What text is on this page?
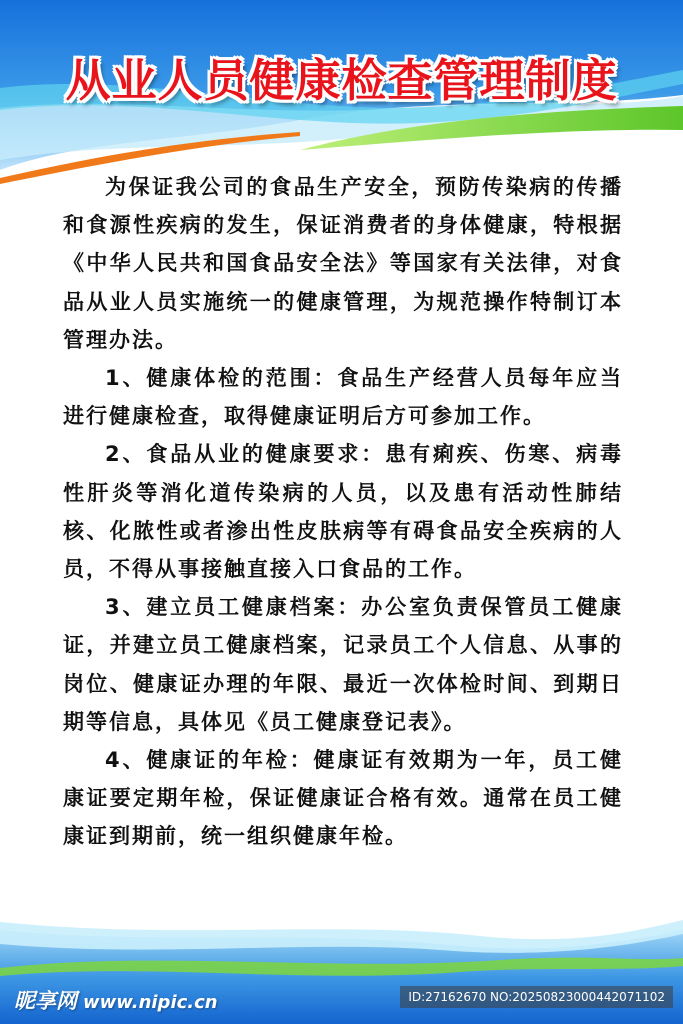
从业人员健康检查管理制度

为保证我公司的食品生产安全，预防传染病的传播和食源性疾病的发生，保证消费者的身体健康，特根据《中华人民共和国食品安全法》等国家有关法律，对食品从业人员实施统一的健康管理，为规范操作特制订本管理办法。

1、健康体检的范围：食品生产经营人员每年应当进行健康检查，取得健康证明后方可参加工作。

2、食品从业的健康要求：患有痢疾、伤寒、病毒性肝炎等消化道传染病的人员，以及患有活动性肺结核、化脓性或者渗出性皮肤病等有碍食品安全疾病的人员，不得从事接触直接入口食品的工作。

3、建立员工健康档案：办公室负责保管员工健康证，并建立员工健康档案，记录员工个人信息、从事的岗位、健康证办理的年限、最近一次体检时间、到期日期等信息，具体见《员工健康登记表》。

4、健康证的年检：健康证有效期为一年，员工健康证要定期年检，保证健康证合格有效。通常在员工健康证到期前，统一组织健康年检。

昵享网 www.nipic.cn	ID:27162670 NO:20250823000442071102
